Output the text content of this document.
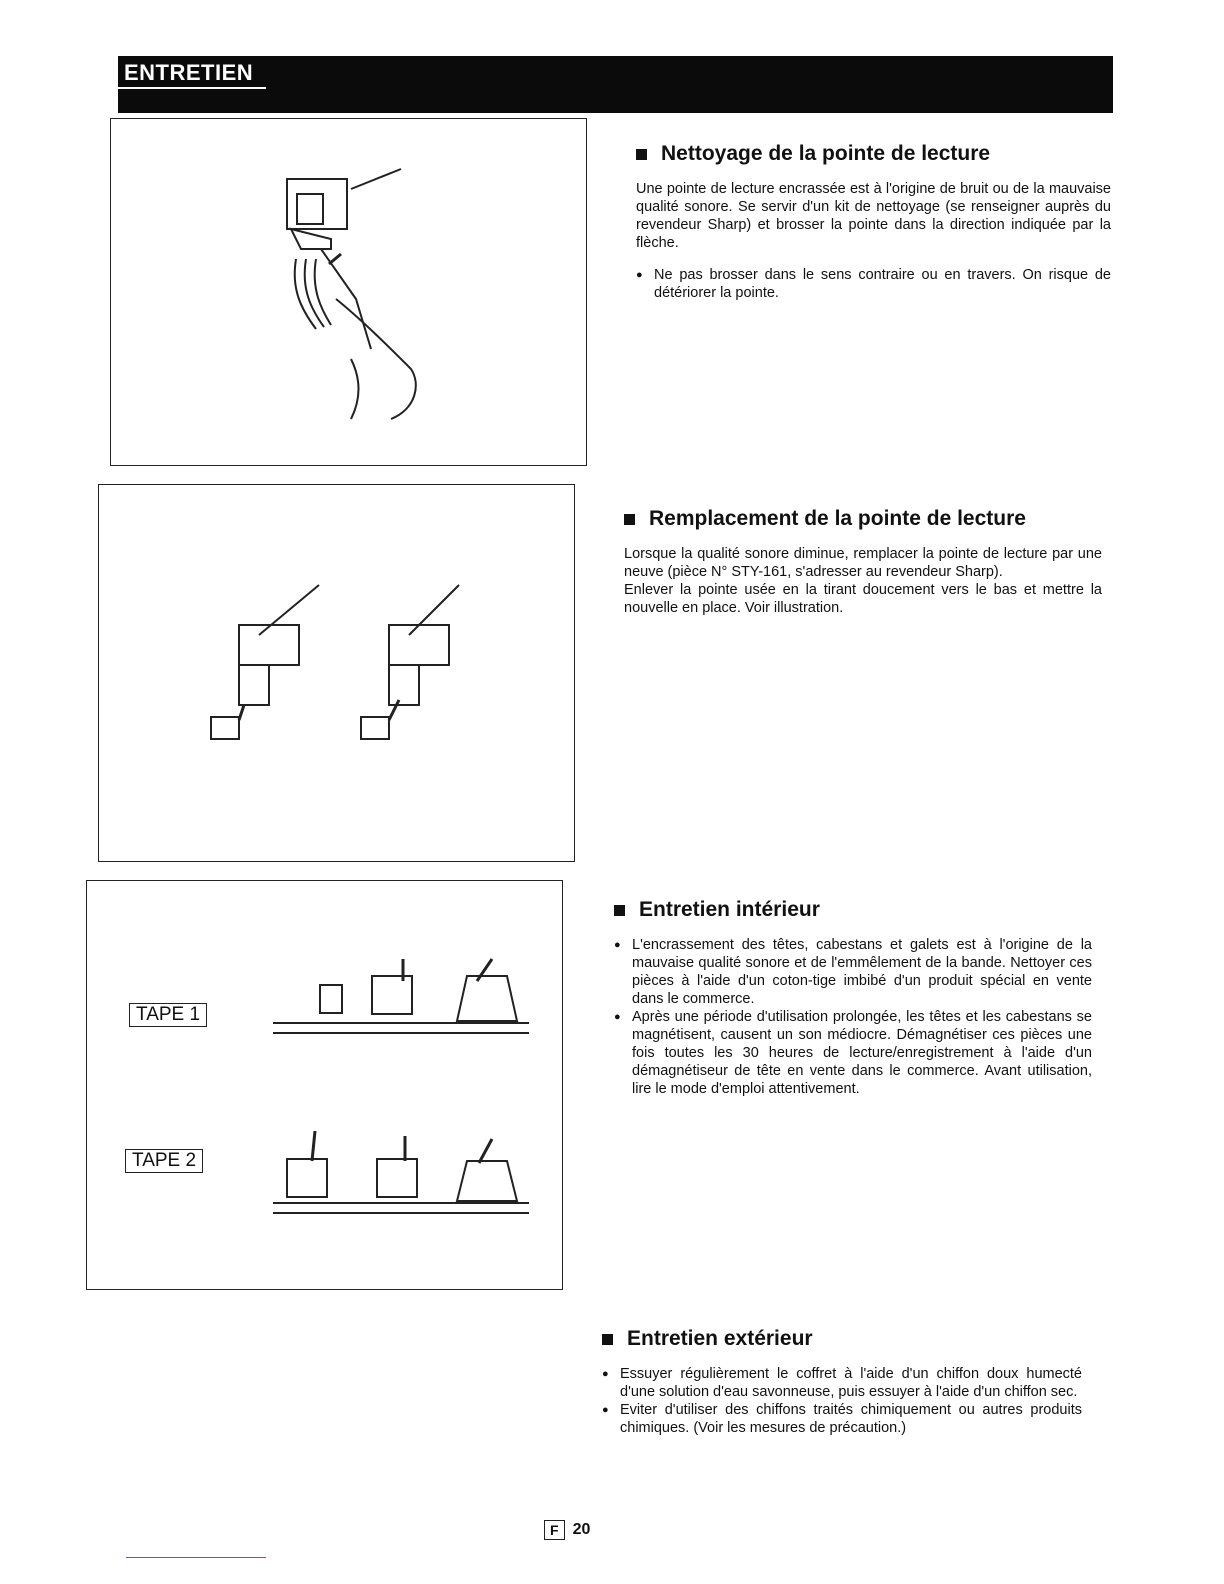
ENTRETIEN
Nettoyage de la pointe de lecture

Une pointe de lecture encrassée est à l'origine de bruit ou de la mauvaise qualité sonore. Se servir d'un kit de nettoyage (se renseigner auprès du revendeur Sharp) et brosser la pointe dans la direction indiquée par la flèche.

● Ne pas brosser dans le sens contraire ou en travers. On risque de détériorer la pointe.
Remplacement de la pointe de lecture

Lorsque la qualité sonore diminue, remplacer la pointe de lecture par une neuve (pièce N° STY-161, s'adresser au revendeur Sharp).

Enlever la pointe usée en la tirant doucement vers le bas et mettre la nouvelle en place. Voir illustration.

TAPE 1
TAPE 2
Entretien intérieur
● L'encrassement des têtes, cabestans et galets est à l'origine de la mauvaise qualité sonore et de l'emmêlement de la bande. Nettoyer ces pièces à l'aide d'un coton-tige imbibé d'un produit spécial en vente dans le commerce.
● Après une période d'utilisation prolongée, les têtes et les cabestans se magnétisent, causent un son médiocre. Démagnétiser ces pièces une fois toutes les 30 heures de lecture/enregistrement à l'aide d'un démagnétiseur de tête en vente dans le commerce. Avant utilisation, lire le mode d'emploi attentivement.
Entretien extérieur
● Essuyer régulièrement le coffret à l'aide d'un chiffon doux humecté d'une solution d'eau savonneuse, puis essuyer à l'aide d'un chiffon sec.
● Eviter d'utiliser des chiffons traités chimiquement ou autres produits chimiques. (Voir les mesures de précaution.)
F 20
